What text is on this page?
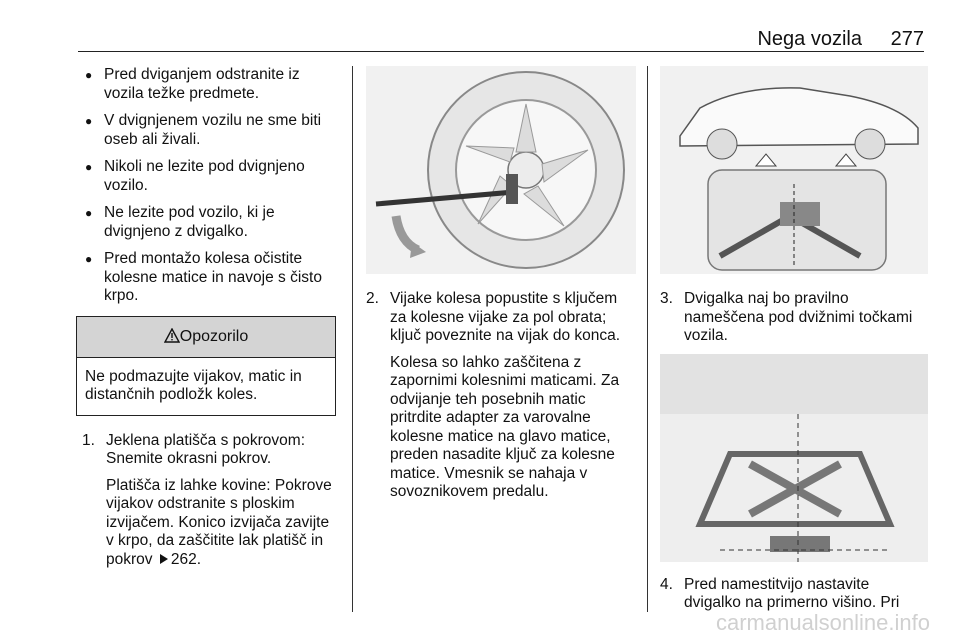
Nega vozila 277
● Pred dviganjem odstranite iz vozila težke predmete.
● V dvignjenem vozilu ne sme biti oseb ali živali.
● Nikoli ne lezite pod dvignjeno vozilo.
● Ne lezite pod vozilo, ki je dvignjeno z dvigalko.
● Pred montažo kolesa očistite kolesne matice in navoje s čisto krpo.
Opozorilo
Ne podmazujte vijakov, matic in distančnih podložk koles.
1. Jeklena platišča s pokrovom: Snemite okrasni pokrov.

Platišča iz lahke kovine: Pokrove vijakov odstranite s ploskim izvijačem. Konico izvijača zavijte v krpo, da zaščitite lak platišč in pokrov 262.

2. Vijake kolesa popustite s ključem za kolesne vijake za pol obrata; ključ poveznite na vijak do konca.

Kolesa so lahko zaščitena z zapornimi kolesnimi maticami. Za odvijanje teh posebnih matic pritrdite adapter za varovalne kolesne matice na glavo matice, preden nasadite ključ za kolesne matice. Vmesnik se nahaja v sovoznikovem predalu.

3. Dvigalka naj bo pravilno nameščena pod dvižnimi točkami vozila.

4. Pred namestitvijo nastavite dvigalko na primerno višino. Pri

carmanualsonline.info
